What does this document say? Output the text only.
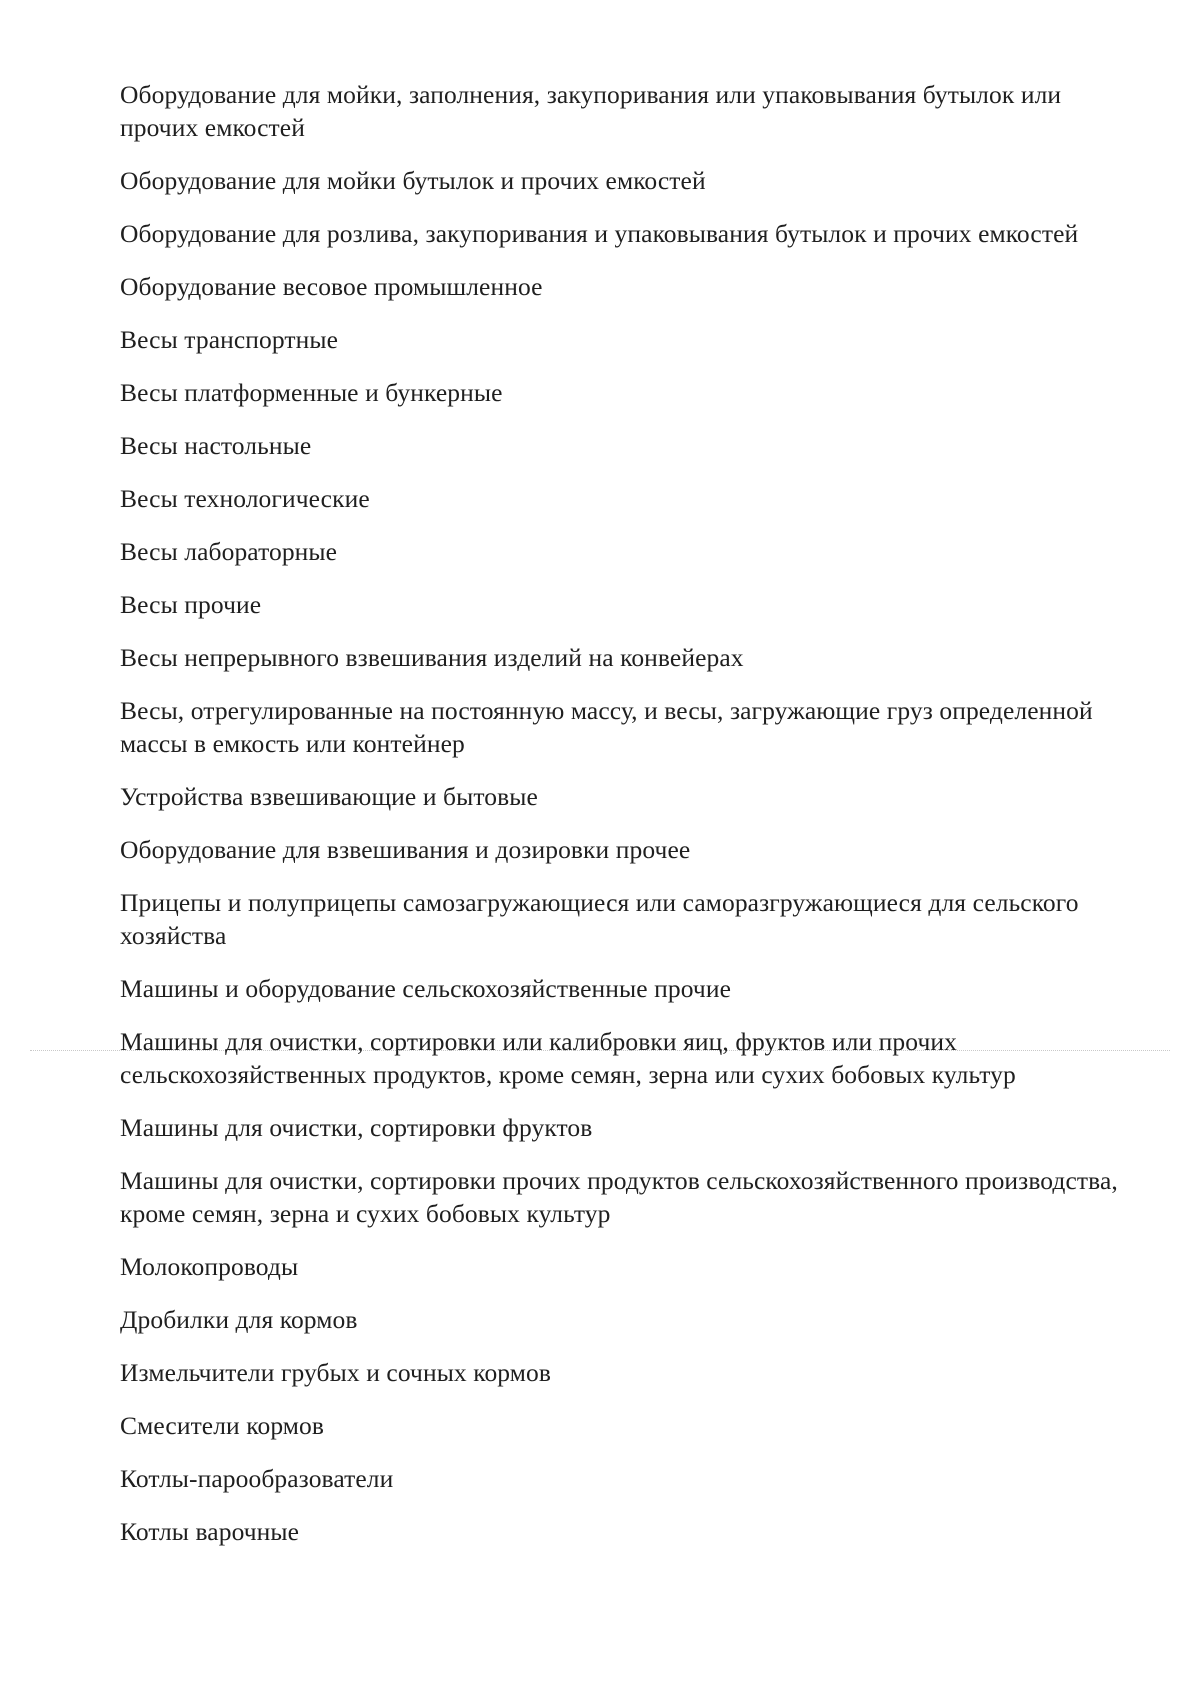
Оборудование для мойки, заполнения, закупоривания или упаковывания бутылок или прочих емкостей
Оборудование для мойки бутылок и прочих емкостей
Оборудование для розлива, закупоривания и упаковывания бутылок и прочих емкостей
Оборудование весовое промышленное
Весы транспортные
Весы платформенные и бункерные
Весы настольные
Весы технологические
Весы лабораторные
Весы прочие
Весы непрерывного взвешивания изделий на конвейерах
Весы, отрегулированные на постоянную массу, и весы, загружающие груз определенной массы в емкость или контейнер
Устройства взвешивающие и бытовые
Оборудование для взвешивания и дозировки прочее
Прицепы и полуприцепы самозагружающиеся или саморазгружающиеся для сельского хозяйства
Машины и оборудование сельскохозяйственные прочие
Машины для очистки, сортировки или калибровки яиц, фруктов или прочих сельскохозяйственных продуктов, кроме семян, зерна или сухих бобовых культур
Машины для очистки, сортировки фруктов
Машины для очистки, сортировки прочих продуктов сельскохозяйственного производства, кроме семян, зерна и сухих бобовых культур
Молокопроводы
Дробилки для кормов
Измельчители грубых и сочных кормов
Смесители кормов
Котлы-парообразователи
Котлы варочные
